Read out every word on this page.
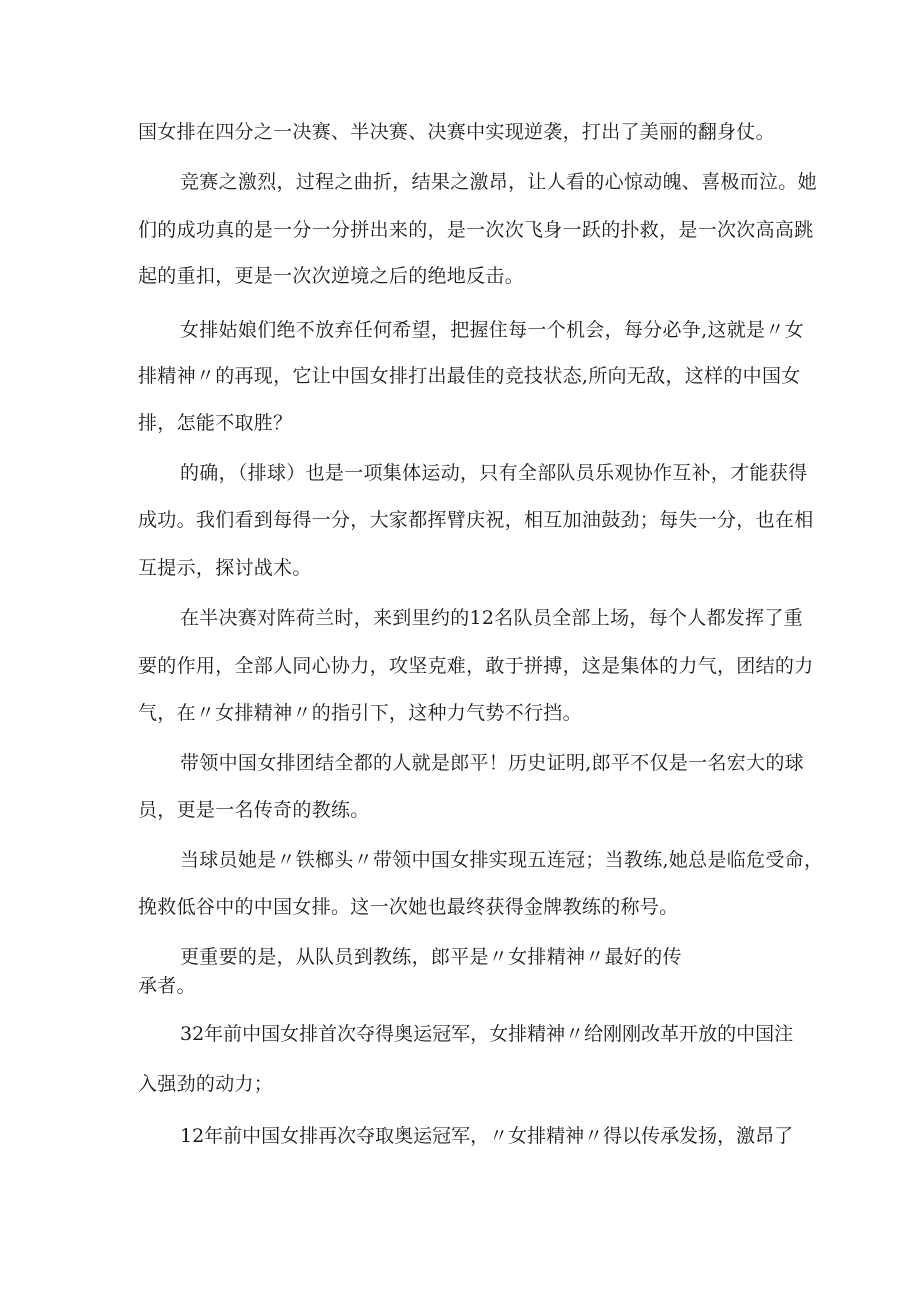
国女排在四分之一决赛、半决赛、决赛中实现逆袭，打出了美丽的翻身仗。
竞赛之激烈，过程之曲折，结果之激昂，让人看的心惊动魄、喜极而泣。她
们的成功真的是一分一分拼出来的，是一次次飞身一跃的扑救，是一次次高高跳
起的重扣，更是一次次逆境之后的绝地反击。
女排姑娘们绝不放弃任何希望，把握住每一个机会，每分必争,这就是〃女
排精神〃的再现，它让中国女排打出最佳的竞技状态,所向无敌，这样的中国女
排，怎能不取胜？
的确，（排球）也是一项集体运动，只有全部队员乐观协作互补，才能获得
成功。我们看到每得一分，大家都挥臂庆祝，相互加油鼓劲；每失一分，也在相
互提示，探讨战术。
在半决赛对阵荷兰时，来到里约的12名队员全部上场，每个人都发挥了重
要的作用，全部人同心协力，攻坚克难，敢于拼搏，这是集体的力气，团结的力
气，在〃女排精神〃的指引下，这种力气势不行挡。
带领中国女排团结全都的人就是郎平！历史证明,郎平不仅是一名宏大的球
员，更是一名传奇的教练。
当球员她是〃铁榔头〃带领中国女排实现五连冠；当教练,她总是临危受命，
挽救低谷中的中国女排。这一次她也最终获得金牌教练的称号。
更重要的是，从队员到教练，郎平是〃女排精神〃最好的传
承者。
32年前中国女排首次夺得奥运冠军，女排精神〃给刚刚改革开放的中国注
入强劲的动力；
12年前中国女排再次夺取奥运冠军，〃女排精神〃得以传承发扬，激昂了
